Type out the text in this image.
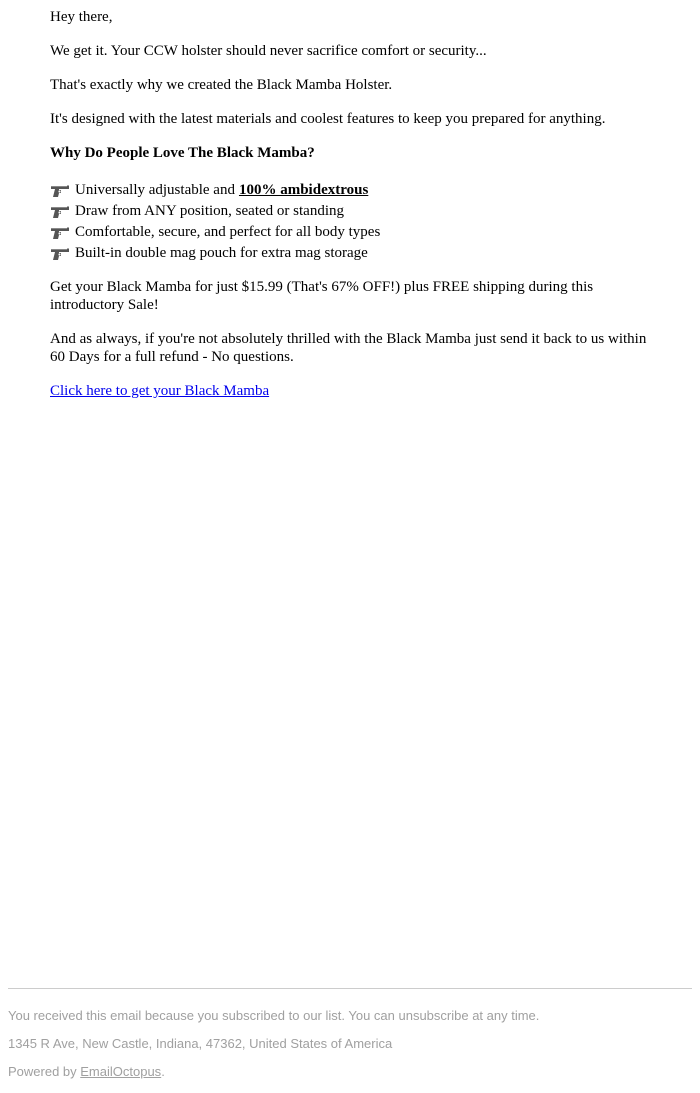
Hey there,

We get it. Your CCW holster should never sacrifice comfort or security...

That's exactly why we created the Black Mamba Holster.

It's designed with the latest materials and coolest features to keep you prepared for anything.

Why Do People Love The Black Mamba?

Universally adjustable and 100% ambidextrous
Draw from ANY position, seated or standing
Comfortable, secure, and perfect for all body types
Built-in double mag pouch for extra mag storage

Get your Black Mamba for just $15.99 (That's 67% OFF!) plus FREE shipping during this introductory Sale!

And as always, if you're not absolutely thrilled with the Black Mamba just send it back to us within 60 Days for a full refund - No questions.

Click here to get your Black Mamba

You received this email because you subscribed to our list. You can unsubscribe at any time.
1345 R Ave, New Castle, Indiana, 47362, United States of America
Powered by EmailOctopus.
